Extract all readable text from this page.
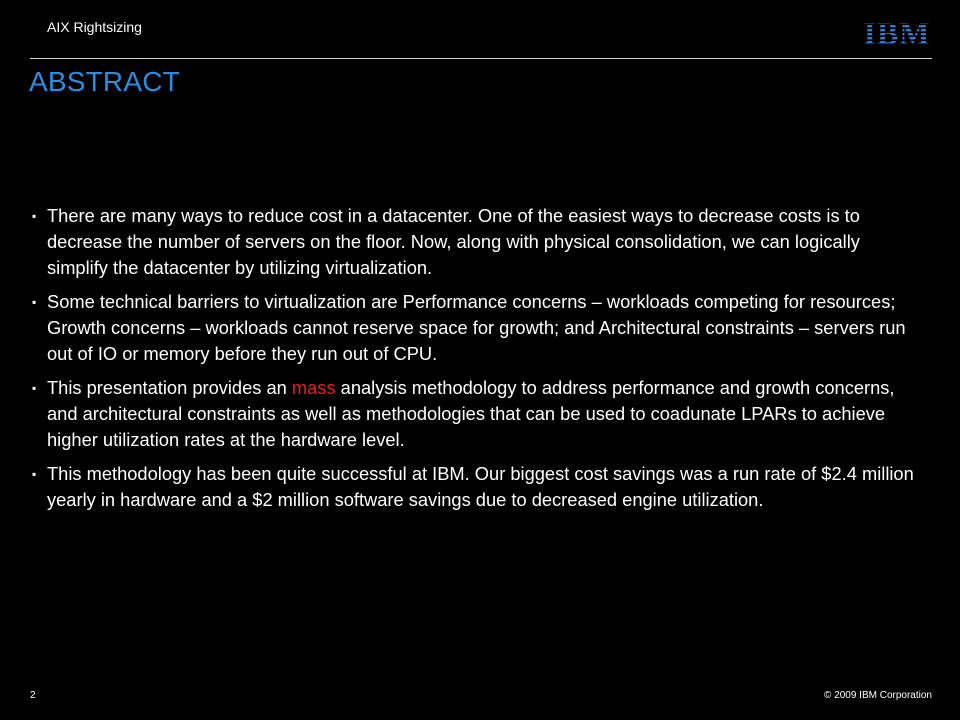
AIX Rightsizing	IBM
ABSTRACT
▪ There are many ways to reduce cost in a datacenter. One of the easiest ways to decrease costs is to decrease the number of servers on the floor. Now, along with physical consolidation, we can logically simplify the datacenter by utilizing virtualization.
▪ Some technical barriers to virtualization are Performance concerns – workloads competing for resources; Growth concerns – workloads cannot reserve space for growth; and Architectural constraints – servers run out of IO or memory before they run out of CPU.
▪ This presentation provides an mass analysis methodology to address performance and growth concerns, and architectural constraints as well as methodologies that can be used to coadunate LPARs to achieve higher utilization rates at the hardware level.
▪ This methodology has been quite successful at IBM. Our biggest cost savings was a run rate of $2.4 million yearly in hardware and a $2 million software savings due to decreased engine utilization.
2	© 2009 IBM Corporation
